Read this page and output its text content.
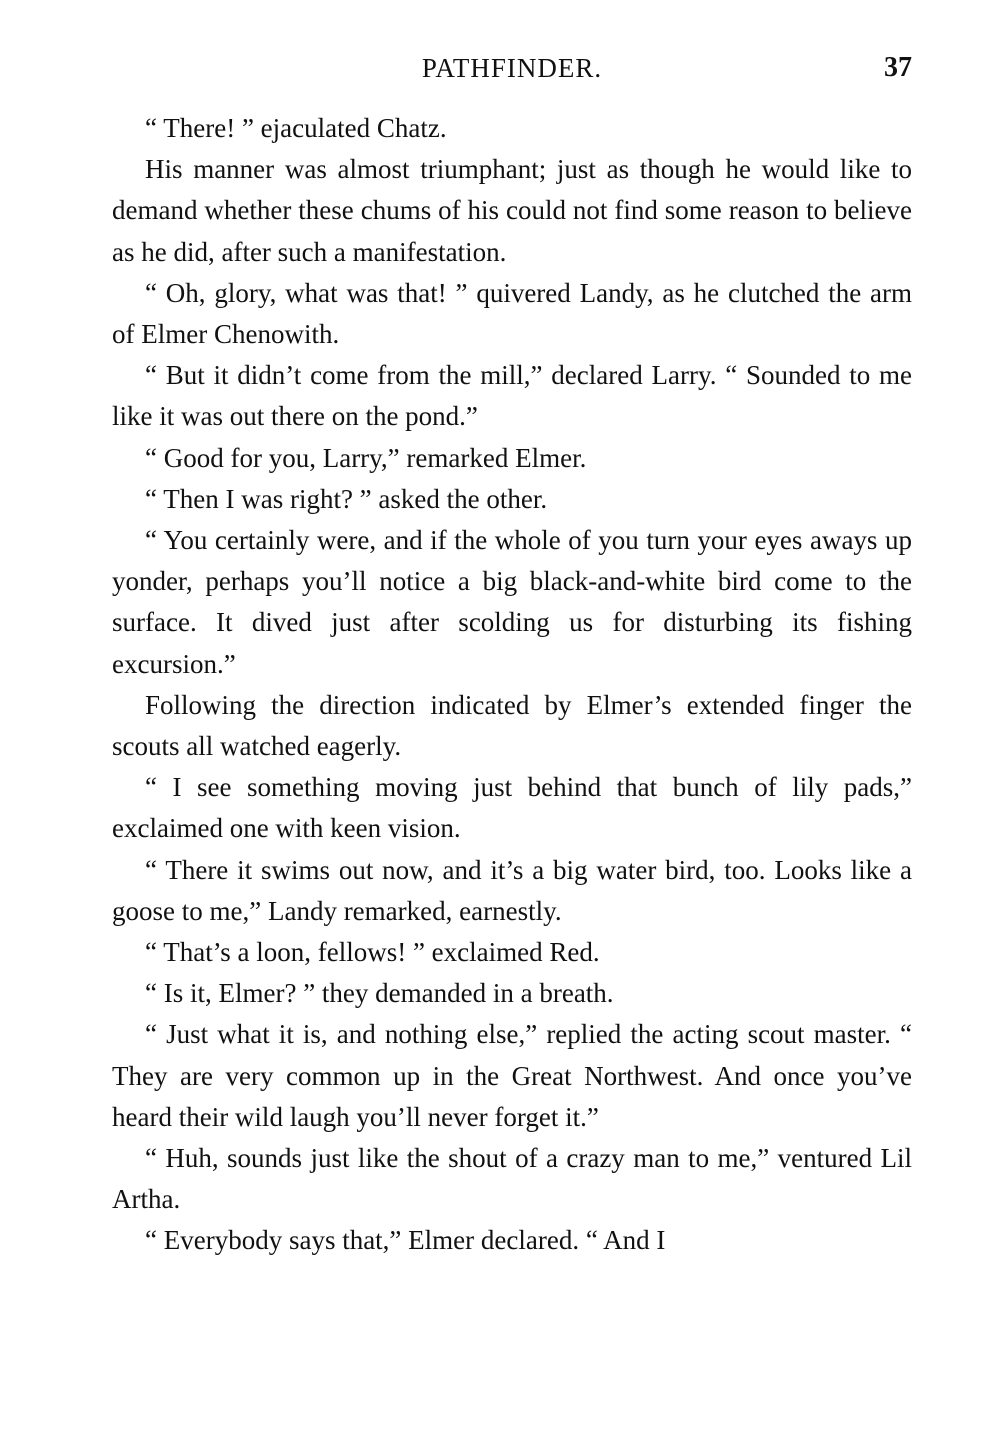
PATHFINDER.	37

“ There! ” ejaculated Chatz.

His manner was almost triumphant; just as though he would like to demand whether these chums of his could not find some reason to believe as he did, after such a manifestation.

“ Oh, glory, what was that! ” quivered Landy, as he clutched the arm of Elmer Chenowith.

“ But it didn’t come from the mill,” declared Larry. “ Sounded to me like it was out there on the pond.”

“ Good for you, Larry,” remarked Elmer.

“ Then I was right? ” asked the other.

“ You certainly were, and if the whole of you turn your eyes aways up yonder, perhaps you’ll notice a big black-and-white bird come to the surface. It dived just after scolding us for disturbing its fishing excursion.”

Following the direction indicated by Elmer’s extended finger the scouts all watched eagerly.

“ I see something moving just behind that bunch of lily pads,” exclaimed one with keen vision.

“ There it swims out now, and it’s a big water bird, too. Looks like a goose to me,” Landy remarked, earnestly.

“ That’s a loon, fellows! ” exclaimed Red.

“ Is it, Elmer? ” they demanded in a breath.

“ Just what it is, and nothing else,” replied the acting scout master. “ They are very common up in the Great Northwest. And once you’ve heard their wild laugh you’ll never forget it.”

“ Huh, sounds just like the shout of a crazy man to me,” ventured Lil Artha.

“ Everybody says that,” Elmer declared. “ And I
